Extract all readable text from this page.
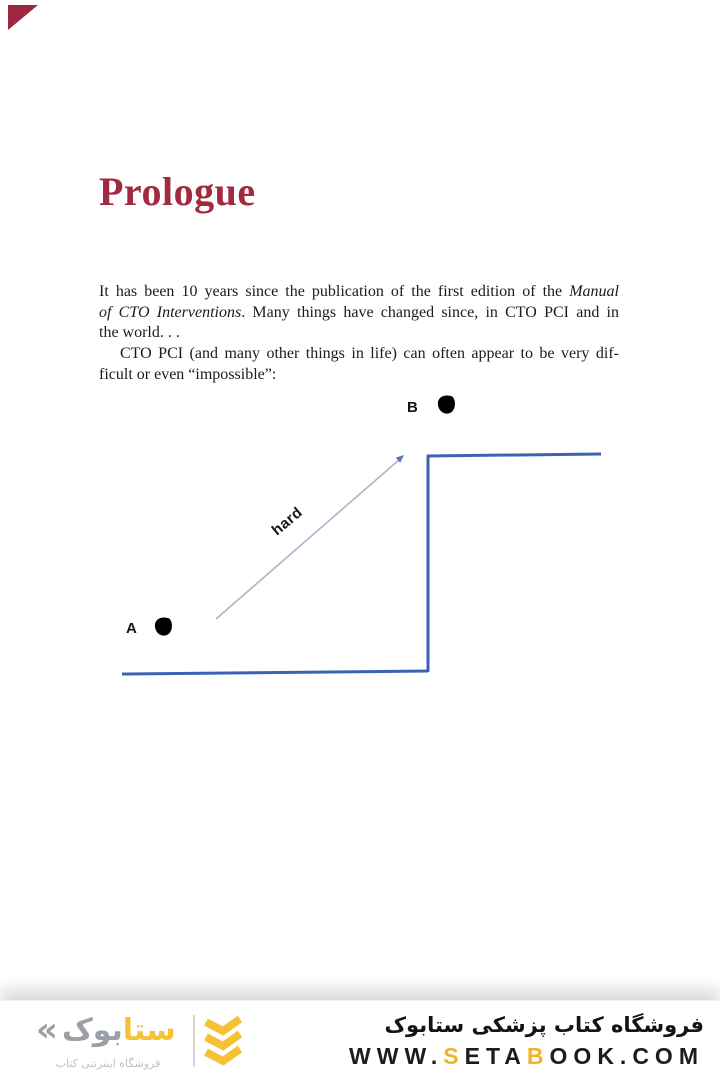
Prologue
It has been 10 years since the publication of the first edition of the Manual
of CTO Interventions. Many things have changed since, in CTO PCI and in
the world. . .
CTO PCI (and many other things in life) can often appear to be very dif-
ficult or even “impossible”:
hard
A
B
«	ستابوک
فروشگاه اینترنتی کتاب
فروشگاه کتاب پزشکی ستابوک
WWW.SETABOOK.COM
